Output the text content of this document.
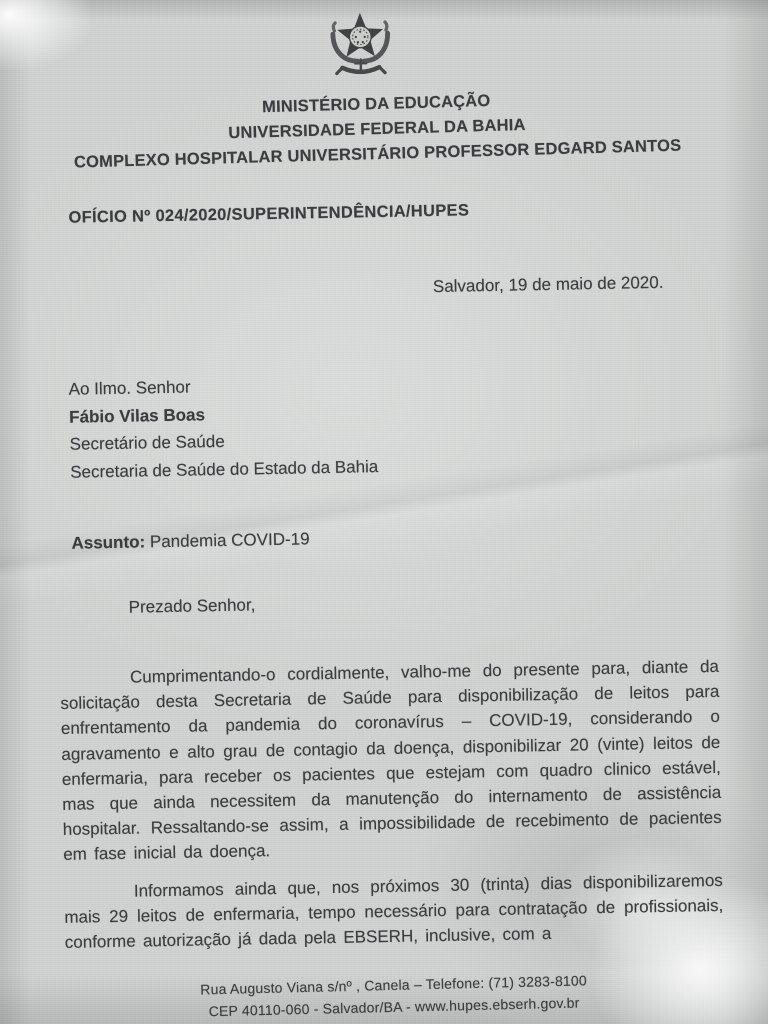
MINISTÉRIO DA EDUCAÇÃO
UNIVERSIDADE FEDERAL DA BAHIA
COMPLEXO HOSPITALAR UNIVERSITÁRIO PROFESSOR EDGARD SANTOS
OFÍCIO Nº 024/2020/SUPERINTENDÊNCIA/HUPES
Salvador, 19 de maio de 2020.
Ao Ilmo. Senhor
Fábio Vilas Boas
Secretário de Saúde
Secretaria de Saúde do Estado da Bahia
Assunto: Pandemia COVID-19
Prezado Senhor,

Cumprimentando-o cordialmente, valho-me do presente para, diante da solicitação desta Secretaria de Saúde para disponibilização de leitos para enfrentamento da pandemia do coronavírus – COVID-19, considerando o agravamento e alto grau de contagio da doença, disponibilizar 20 (vinte) leitos de enfermaria, para receber os pacientes que estejam com quadro clinico estável, mas que ainda necessitem da manutenção do internamento de assistência hospitalar. Ressaltando-se assim, a impossibilidade de recebimento de pacientes em fase inicial da doença.

Informamos ainda que, nos próximos 30 (trinta) dias disponibilizaremos mais 29 leitos de enfermaria, tempo necessário para contratação de profissionais, conforme autorização já dada pela EBSERH, inclusive, com a

Rua Augusto Viana s/nº , Canela – Telefone: (71) 3283-8100
CEP 40110-060 - Salvador/BA - www.hupes.ebserh.gov.br
